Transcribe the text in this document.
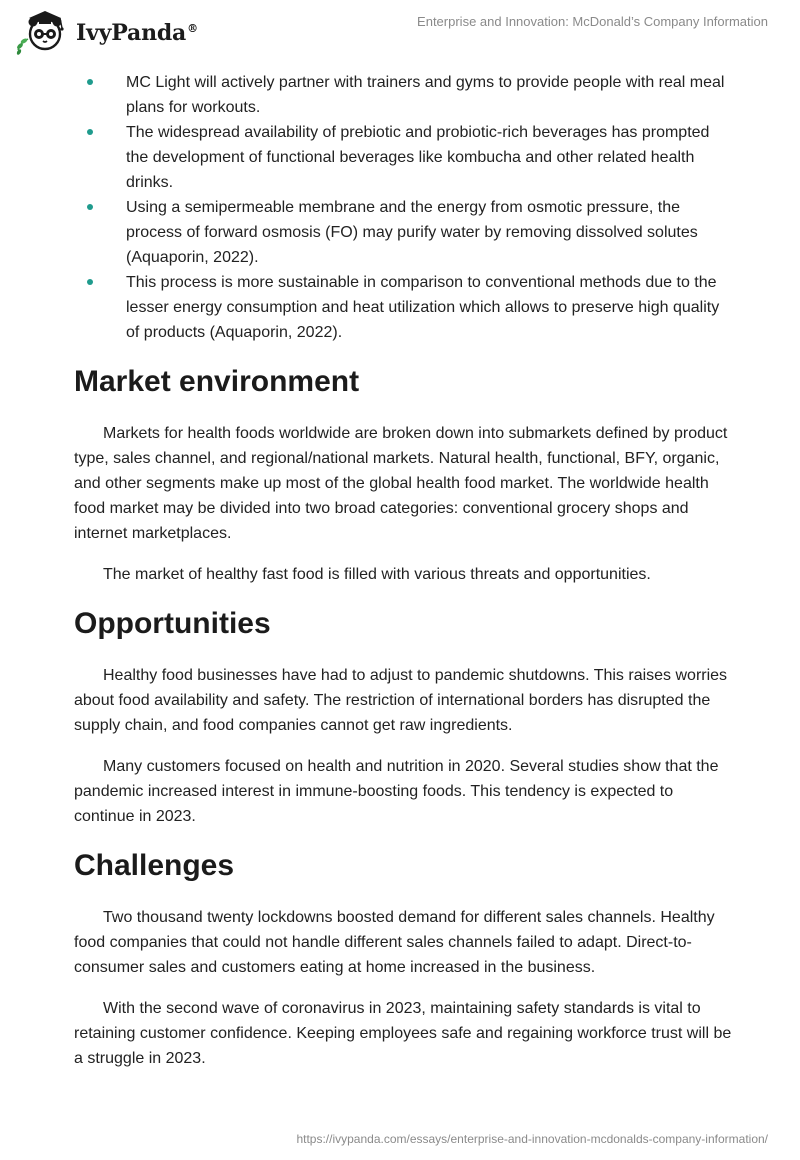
IvyPanda®	Enterprise and Innovation: McDonald’s Company Information
MC Light will actively partner with trainers and gyms to provide people with real meal plans for workouts.
The widespread availability of prebiotic and probiotic-rich beverages has prompted the development of functional beverages like kombucha and other related health drinks.
Using a semipermeable membrane and the energy from osmotic pressure, the process of forward osmosis (FO) may purify water by removing dissolved solutes (Aquaporin, 2022).
This process is more sustainable in comparison to conventional methods due to the lesser energy consumption and heat utilization which allows to preserve high quality of products (Aquaporin, 2022).
Market environment

Markets for health foods worldwide are broken down into submarkets defined by product type, sales channel, and regional/national markets. Natural health, functional, BFY, organic, and other segments make up most of the global health food market. The worldwide health food market may be divided into two broad categories: conventional grocery shops and internet marketplaces.

The market of healthy fast food is filled with various threats and opportunities.

Opportunities

Healthy food businesses have had to adjust to pandemic shutdowns. This raises worries about food availability and safety. The restriction of international borders has disrupted the supply chain, and food companies cannot get raw ingredients.

Many customers focused on health and nutrition in 2020. Several studies show that the pandemic increased interest in immune-boosting foods. This tendency is expected to continue in 2023.

Challenges

Two thousand twenty lockdowns boosted demand for different sales channels. Healthy food companies that could not handle different sales channels failed to adapt. Direct-to-consumer sales and customers eating at home increased in the business.

With the second wave of coronavirus in 2023, maintaining safety standards is vital to retaining customer confidence. Keeping employees safe and regaining workforce trust will be a struggle in 2023.

https://ivypanda.com/essays/enterprise-and-innovation-mcdonalds-company-information/
